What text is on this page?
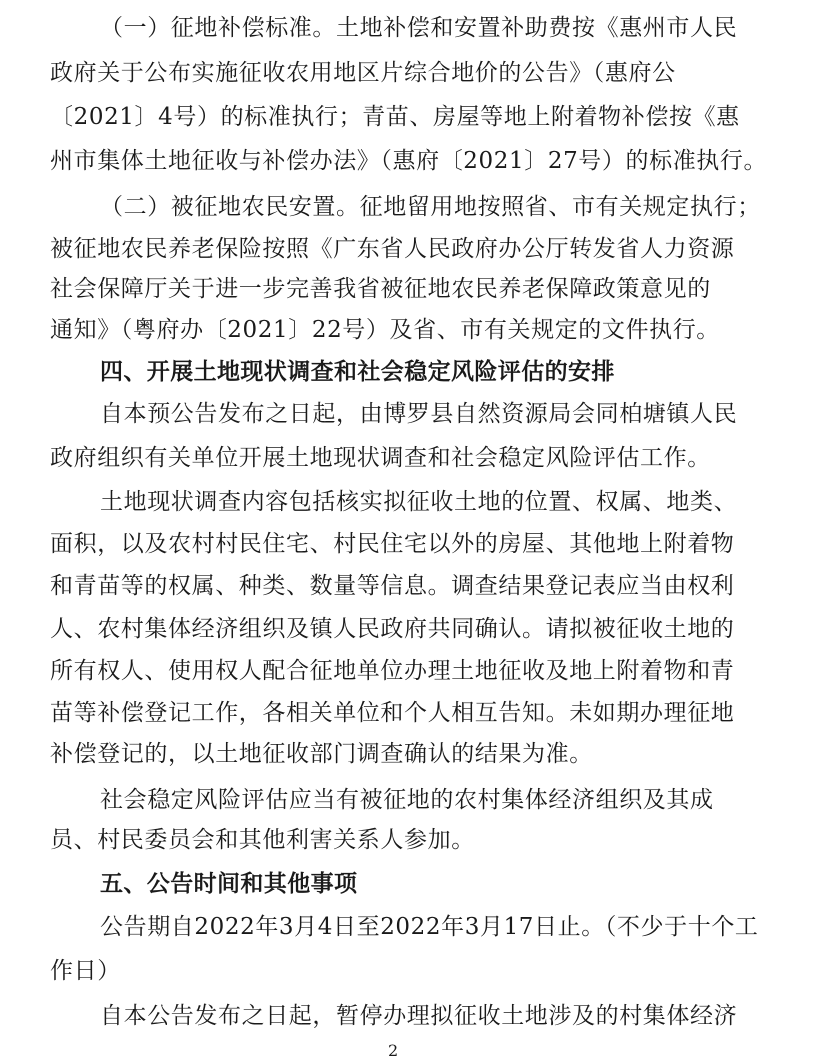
（一）征地补偿标准。土地补偿和安置补助费按《惠州市人民
政府关于公布实施征收农用地区片综合地价的公告》（惠府公
〔2021〕4号）的标准执行；青苗、房屋等地上附着物补偿按《惠
州市集体土地征收与补偿办法》（惠府〔2021〕27号）的标准执行。
（二）被征地农民安置。征地留用地按照省、市有关规定执行；
被征地农民养老保险按照《广东省人民政府办公厅转发省人力资源
社会保障厅关于进一步完善我省被征地农民养老保障政策意见的
通知》（粤府办〔2021〕22号）及省、市有关规定的文件执行。
四、开展土地现状调查和社会稳定风险评估的安排
自本预公告发布之日起，由博罗县自然资源局会同柏塘镇人民
政府组织有关单位开展土地现状调查和社会稳定风险评估工作。
土地现状调查内容包括核实拟征收土地的位置、权属、地类、
面积，以及农村村民住宅、村民住宅以外的房屋、其他地上附着物
和青苗等的权属、种类、数量等信息。调查结果登记表应当由权利
人、农村集体经济组织及镇人民政府共同确认。请拟被征收土地的
所有权人、使用权人配合征地单位办理土地征收及地上附着物和青
苗等补偿登记工作，各相关单位和个人相互告知。未如期办理征地
补偿登记的，以土地征收部门调查确认的结果为准。
社会稳定风险评估应当有被征地的农村集体经济组织及其成
员、村民委员会和其他利害关系人参加。
五、公告时间和其他事项
公告期自2022年3月4日至2022年3月17日止。（不少于十个工
作日）
自本公告发布之日起，暂停办理拟征收土地涉及的村集体经济
2
